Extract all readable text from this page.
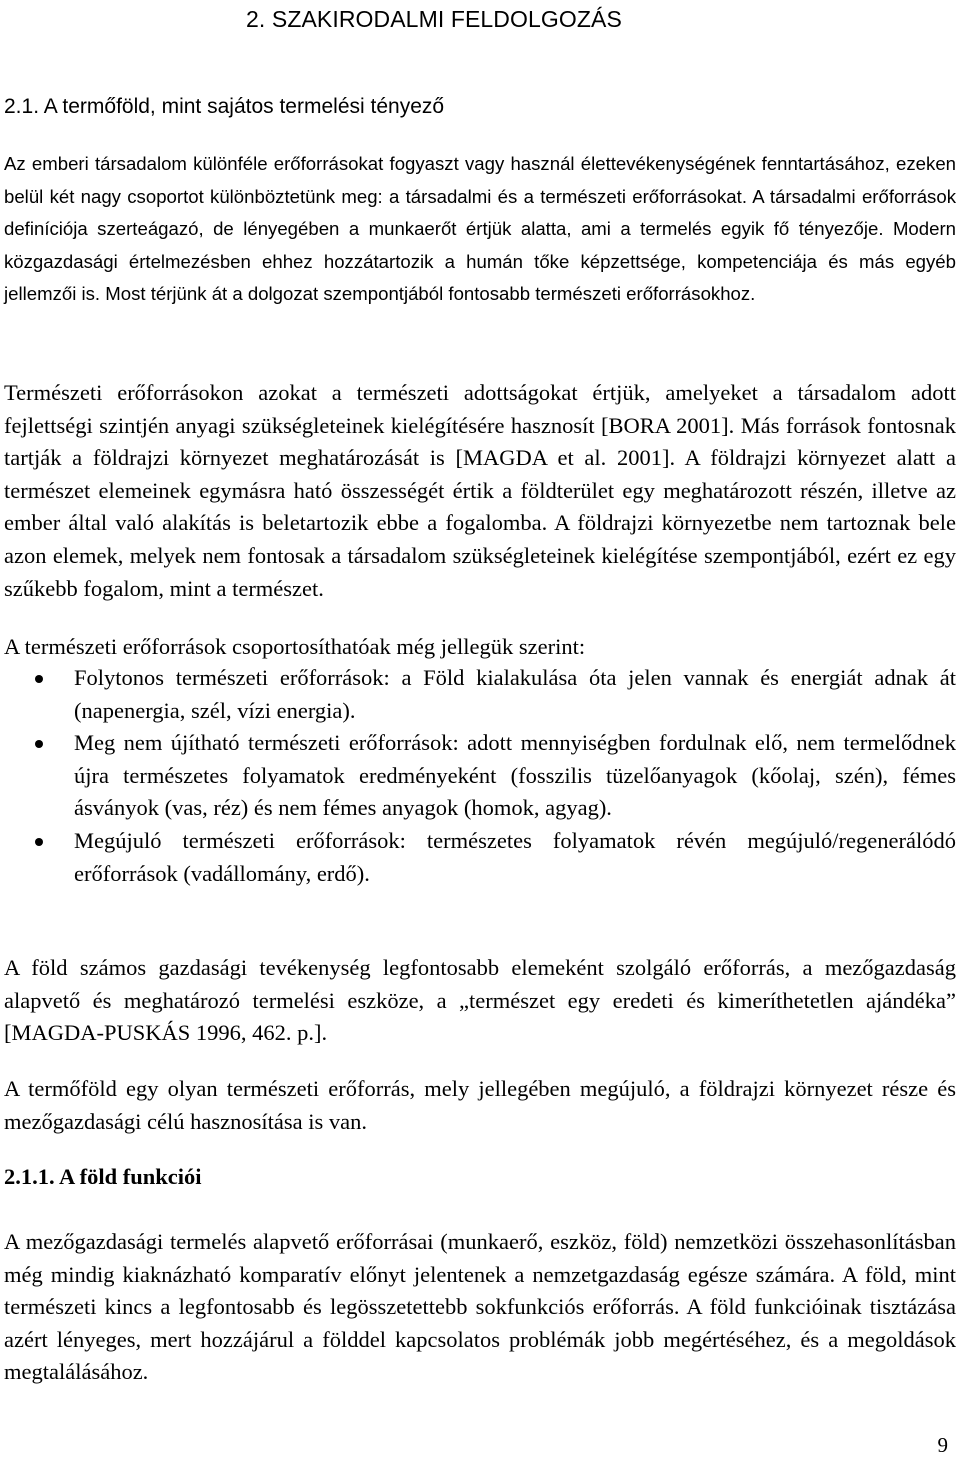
2. SZAKIRODALMI FELDOLGOZÁS
2.1. A termőföld, mint sajátos termelési tényező

Az emberi társadalom különféle erőforrásokat fogyaszt vagy használ élettevékenységének fenntartásához, ezeken belül két nagy csoportot különböztetünk meg: a társadalmi és a természeti erőforrásokat. A társadalmi erőforrások definíciója szerteágazó, de lényegében a munkaerőt értjük alatta, ami a termelés egyik fő tényezője. Modern közgazdasági értelmezésben ehhez hozzátartozik a humán tőke képzettsége, kompetenciája és más egyéb jellemzői is. Most térjünk át a dolgozat szempontjából fontosabb természeti erőforrásokhoz.

Természeti erőforrásokon azokat a természeti adottságokat értjük, amelyeket a társadalom adott fejlettségi szintjén anyagi szükségleteinek kielégítésére hasznosít [BORA 2001]. Más források fontosnak tartják a földrajzi környezet meghatározását is [MAGDA et al. 2001]. A földrajzi környezet alatt a természet elemeinek egymásra ható összességét értik a földterület egy meghatározott részén, illetve az ember által való alakítás is beletartozik ebbe a fogalomba. A földrajzi környezetbe nem tartoznak bele azon elemek, melyek nem fontosak a társadalom szükségleteinek kielégítése szempontjából, ezért ez egy szűkebb fogalom, mint a természet.

A természeti erőforrások csoportosíthatóak még jellegük szerint:

Folytonos természeti erőforrások: a Föld kialakulása óta jelen vannak és energiát adnak át (napenergia, szél, vízi energia).
Meg nem újítható természeti erőforrások: adott mennyiségben fordulnak elő, nem termelődnek újra természetes folyamatok eredményeként (fosszilis tüzelőanyagok (kőolaj, szén), fémes ásványok (vas, réz) és nem fémes anyagok (homok, agyag).
Megújuló természeti erőforrások: természetes folyamatok révén megújuló/regenerálódó erőforrások (vadállomány, erdő).

A föld számos gazdasági tevékenység legfontosabb elemeként szolgáló erőforrás, a mezőgazdaság alapvető és meghatározó termelési eszköze, a „természet egy eredeti és kimeríthetetlen ajándéka” [MAGDA-PUSKÁS 1996, 462. p.].

A termőföld egy olyan természeti erőforrás, mely jellegében megújuló, a földrajzi környezet része és mezőgazdasági célú hasznosítása is van.

2.1.1. A föld funkciói

A mezőgazdasági termelés alapvető erőforrásai (munkaerő, eszköz, föld) nemzetközi összehasonlításban még mindig kiaknázható komparatív előnyt jelentenek a nemzetgazdaság egésze számára. A föld, mint természeti kincs a legfontosabb és legösszetettebb sokfunkciós erőforrás. A föld funkcióinak tisztázása azért lényeges, mert hozzájárul a földdel kapcsolatos problémák jobb megértéséhez, és a megoldások megtalálásához.

9
